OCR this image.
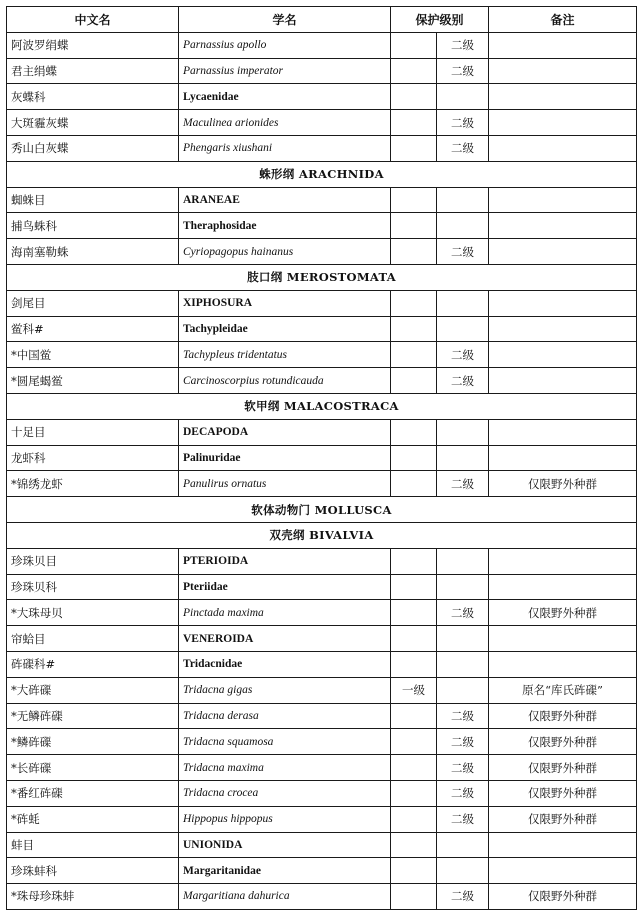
中文名	学名	保护级别		备注
阿波罗绢蝶	Parnassius apollo		二级	
君主绢蝶	Parnassius imperator		二级	
灰蝶科	Lycaenidae			
大斑霾灰蝶	Maculinea arionides		二级	
秀山白灰蝶	Phengaris xiushani		二级	
蛛形纲 ARACHNIDA				
蜘蛛目	ARANEAE			
捕鸟蛛科	Theraphosidae			
海南塞勒蛛	Cyriopagopus hainanus		二级	
肢口纲 MEROSTOMATA				
剑尾目	XIPHOSURA			
鲎科#	Tachypleidae			
*中国鲎	Tachypleus tridentatus		二级	
*圆尾蝎鲎	Carcinoscorpius rotundicauda		二级	
软甲纲 MALACOSTRACA				
十足目	DECAPODA			
龙虾科	Palinuridae			
*锦绣龙虾	Panulirus ornatus		二级	仅限野外种群
软体动物门 MOLLUSCA				
双壳纲 BIVALVIA				
珍珠贝目	PTERIOIDA			
珍珠贝科	Pteriidae			
*大珠母贝	Pinctada maxima		二级	仅限野外种群
帘蛤目	VENEROIDA			
砗磲科#	Tridacnidae			
*大砗磲	Tridacna gigas	一级		原名“库氏砗磲”
*无鳞砗磲	Tridacna derasa		二级	仅限野外种群
*鳞砗磲	Tridacna squamosa		二级	仅限野外种群
*长砗磲	Tridacna maxima		二级	仅限野外种群
*番红砗磲	Tridacna crocea		二级	仅限野外种群
*砗蚝	Hippopus hippopus		二级	仅限野外种群
蚌目	UNIONIDA			
珍珠蚌科	Margaritanidae			
*珠母珍珠蚌	Margaritiana dahurica		二级	仅限野外种群
